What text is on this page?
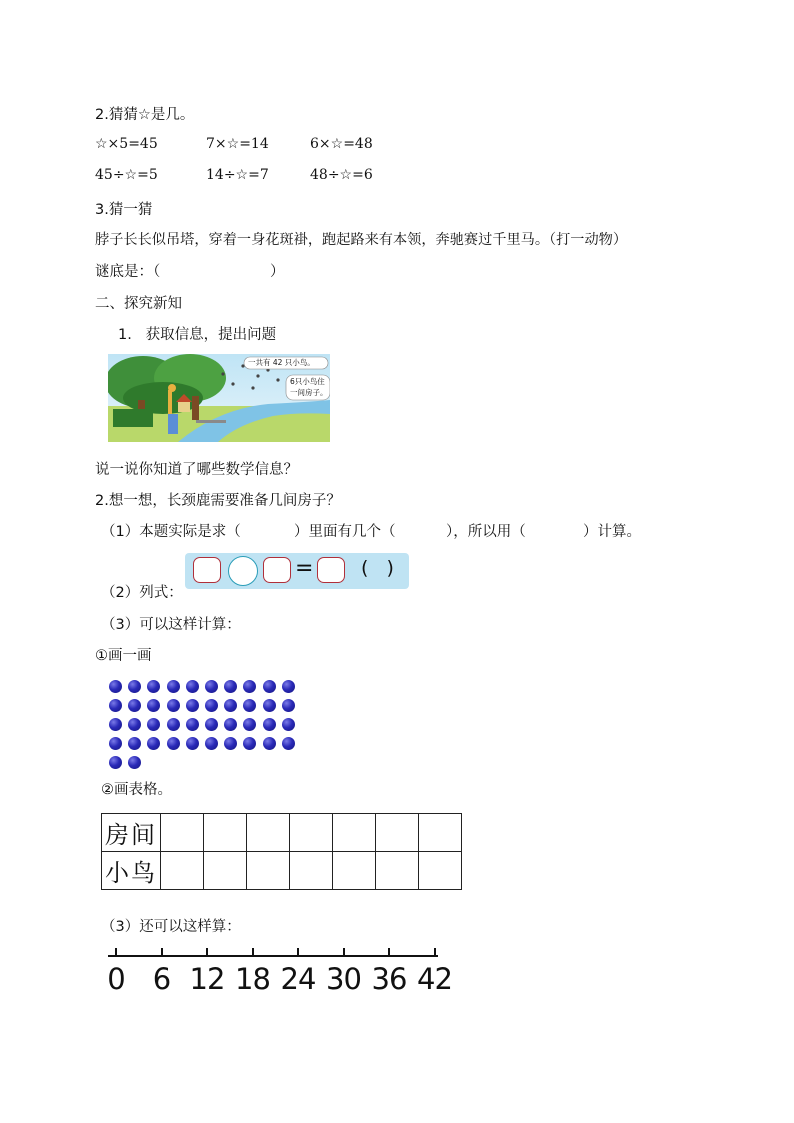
2.猜猜☆是几。
☆×5=45	7×☆=14	6×☆=48
45÷☆=5	14÷☆=7	48÷☆=6
3.猜一猜
脖子长长似吊塔，穿着一身花斑褂，跑起路来有本领，奔驰赛过千里马。（打一动物）
谜底是：（	）
二、探究新知
1.   获取信息，提出问题
一共有 42 只小鸟。
6只小鸟住
一间房子。
说一说你知道了哪些数学信息？
2.想一想，长颈鹿需要准备几间房子？
（1）本题实际是求（	）里面有几个（	），所以用（	）计算。
（2）列式：
=	(   )
（3）可以这样计算：
①画一画
②画表格。
房间							
小鸟							
（3）还可以这样算：
0 6 12 18 24 30 36 42
